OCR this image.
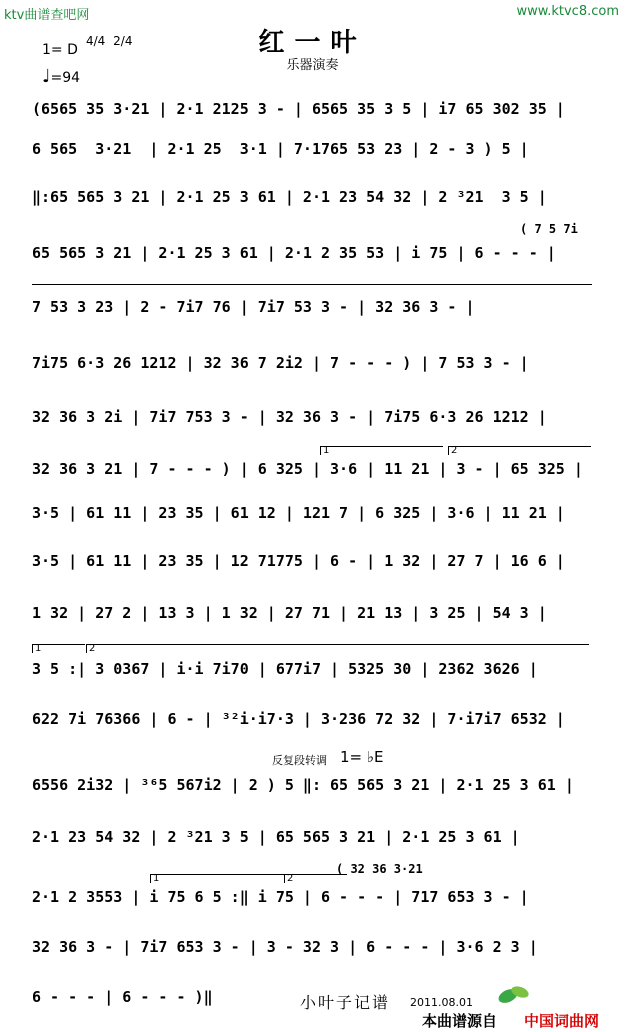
ktv曲谱查吧网	www.ktvc8.com
红一叶
乐器演奏
1= D
4/4 2/4
♩=94
( 7 5 7i
反复段转调 1= ♭E
( 32 36 3·21
1	2
1	2
1	2
(6565 35 3·21 | 2·1 2125 3 - | 6565 35 3 5 | i7 65 302 35 |
6 565  3·21  | 2·1 25  3·1 | 7·1765 53 23 | 2 - 3 ) 5 |
‖:65 565 3 21 | 2·1 25 3 61 | 2·1 23 54 32 | 2 ³21  3 5 |
65 565 3 21 | 2·1 25 3 61 | 2·1 2 35 53 | i 75 | 6 - - - |
7 53 3 23 | 2 - 7i7 76 | 7i7 53 3 - | 32 36 3 - |
7i75 6·3 26 1212 | 32 36 7 2i2 | 7 - - - ) | 7 53 3 - |
32 36 3 2i | 7i7 753 3 - | 32 36 3 - | 7i75 6·3 26 1212 |
32 36 3 21 | 7 - - - ) | 6 325 | 3·6 | 11 21 | 3 - | 65 325 |
3·5 | 61 11 | 23 35 | 61 12 | 121 7 | 6 325 | 3·6 | 11 21 |
3·5 | 61 11 | 23 35 | 12 71775 | 6 - | 1 32 | 27 7 | 16 6 |
1 32 | 27 2 | 13 3 | 1 32 | 27 71 | 21 13 | 3 25 | 54 3 |
3 5 :| 3 0367 | i·i 7i70 | 677i7 | 5325 30 | 2362 3626 |
622 7i 76366 | 6 - | ³²i·i7·3 | 3·236 72 32 | 7·i7i7 6532 |
6556 2i32 | ³⁶5 567i2 | 2 ) 5 ‖: 65 565 3 21 | 2·1 25 3 61 |
2·1 23 54 32 | 2 ³21 3 5 | 65 565 3 21 | 2·1 25 3 61 |
2·1 2 3553 | i 75 6 5 :‖ i 75 | 6 - - - | 717 653 3 - |
32 36 3 - | 7i7 653 3 - | 3 - 32 3 | 6 - - - | 3·6 2 3 |
6 - - - | 6 - - - )‖	小叶子记谱 2011.08.01
本曲谱源自 中国词曲网
